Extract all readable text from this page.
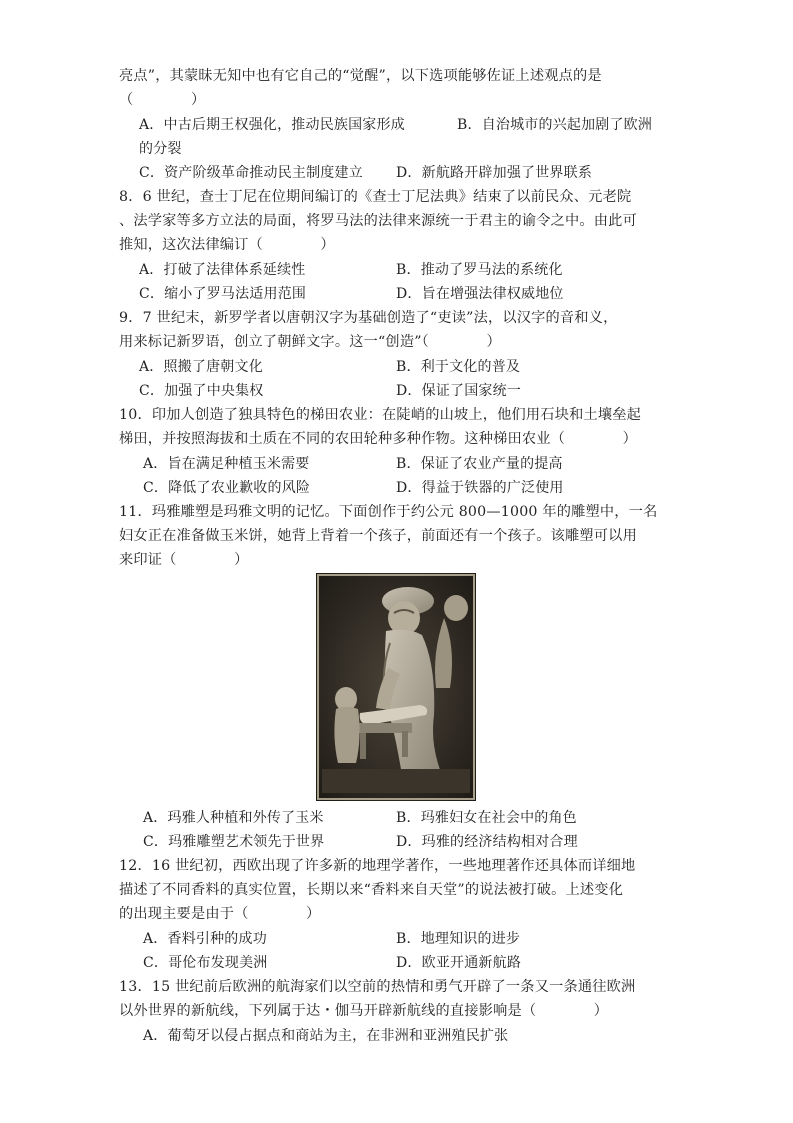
亮点”，其蒙昧无知中也有它自己的“觉醒”，以下选项能够佐证上述观点的是
（　　　　）
A．中古后期王权强化，推动民族国家形成	B．自治城市的兴起加剧了欧洲
的分裂
C．资产阶级革命推动民主制度建立 D．新航路开辟加强了世界联系
8．6 世纪，查士丁尼在位期间编订的《查士丁尼法典》结束了以前民众、元老院
、法学家等多方立法的局面，将罗马法的法律来源统一于君主的谕令之中。由此可
推知，这次法律编订（　　　　）
A．打破了法律体系延续性	B．推动了罗马法的系统化
C．缩小了罗马法适用范围	D．旨在增强法律权威地位
9．7 世纪末，新罗学者以唐朝汉字为基础创造了“吏读”法，以汉字的音和义，
用来标记新罗语，创立了朝鲜文字。这一“创造”（　　　　）
A．照搬了唐朝文化	B．利于文化的普及
C．加强了中央集权	D．保证了国家统一
10．印加人创造了独具特色的梯田农业：在陡峭的山坡上，他们用石块和土壤垒起
梯田，并按照海拔和土质在不同的农田轮种多种作物。这种梯田农业（　　　　）
A．旨在满足种植玉米需要	B．保证了农业产量的提高
C．降低了农业歉收的风险	D．得益于铁器的广泛使用
11．玛雅雕塑是玛雅文明的记忆。下面创作于约公元 800—1000 年的雕塑中，一名
妇女正在准备做玉米饼，她背上背着一个孩子，前面还有一个孩子。该雕塑可以用
来印证（　　　　）
A．玛雅人种植和外传了玉米	B．玛雅妇女在社会中的角色
C．玛雅雕塑艺术领先于世界	D．玛雅的经济结构相对合理
12．16 世纪初，西欧出现了许多新的地理学著作，一些地理著作还具体而详细地
描述了不同香料的真实位置，长期以来“香料来自天堂”的说法被打破。上述变化
的出现主要是由于（　　　　）
A．香料引种的成功	B．地理知识的进步
C．哥伦布发现美洲	D．欧亚开通新航路
13．15 世纪前后欧洲的航海家们以空前的热情和勇气开辟了一条又一条通往欧洲
以外世界的新航线，下列属于达・伽马开辟新航线的直接影响是（　　　　）
A．葡萄牙以侵占据点和商站为主，在非洲和亚洲殖民扩张
